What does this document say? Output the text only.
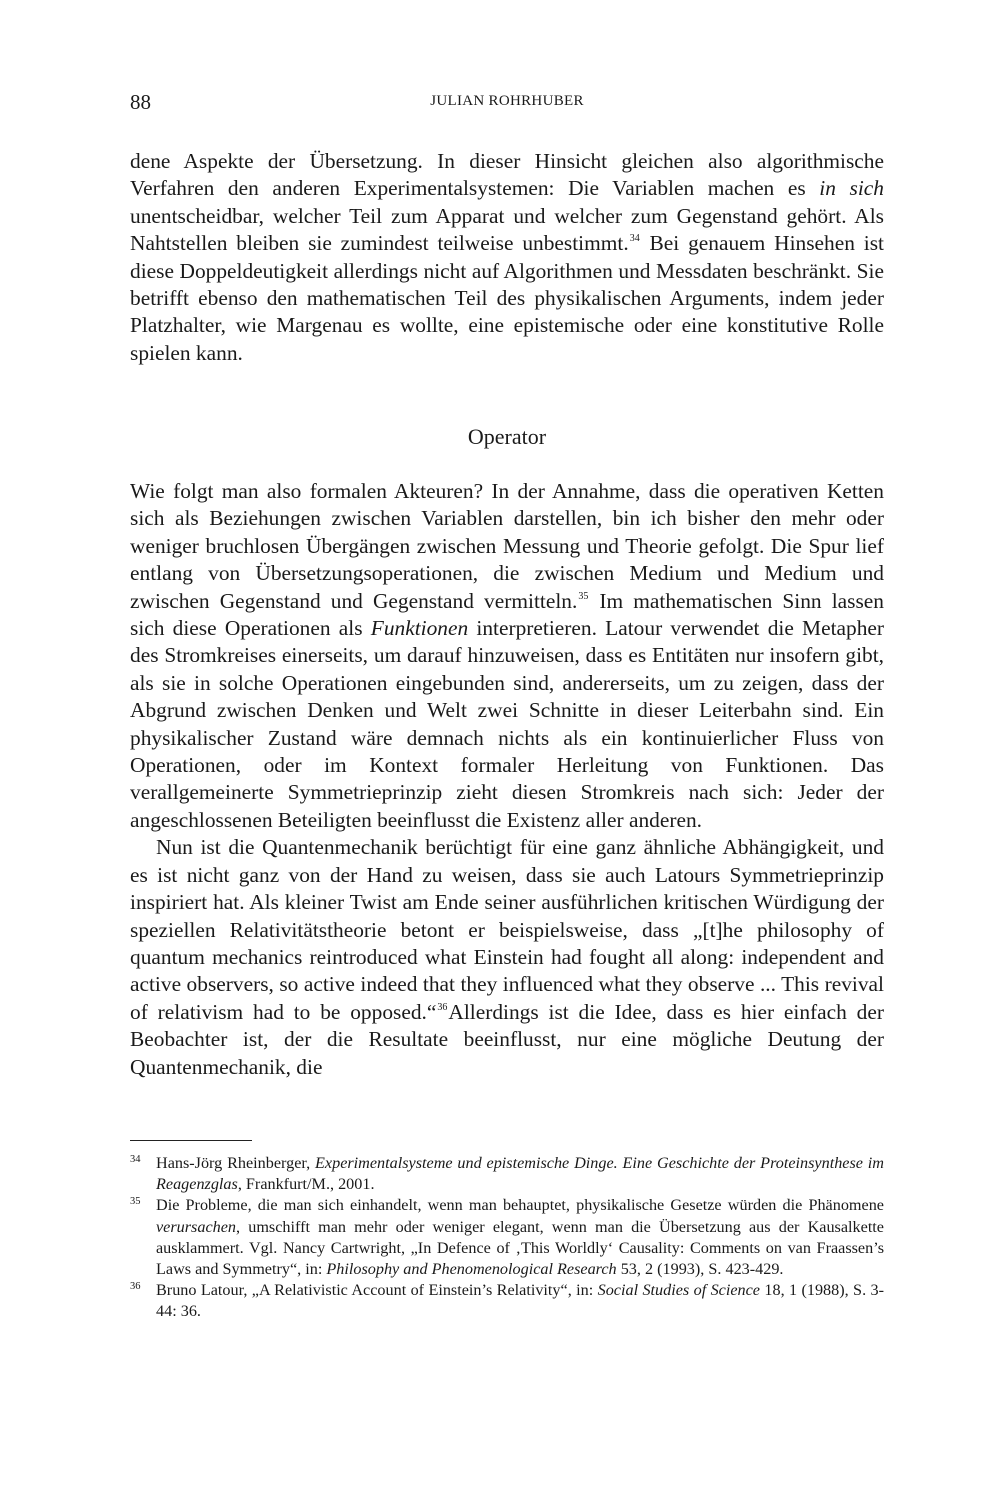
88	JULIAN ROHRHUBER

dene Aspekte der Übersetzung. In dieser Hinsicht gleichen also algorithmische Verfahren den anderen Experimentalsystemen: Die Variablen machen es in sich unentscheidbar, welcher Teil zum Apparat und welcher zum Gegenstand gehört. Als Nahtstellen bleiben sie zumindest teilweise unbestimmt.$^{34}$ Bei genauem Hinsehen ist diese Doppeldeutigkeit allerdings nicht auf Algorithmen und Messdaten beschränkt. Sie betrifft ebenso den mathematischen Teil des physikalischen Arguments, indem jeder Platzhalter, wie Margenau es wollte, eine epistemische oder eine konstitutive Rolle spielen kann.

Operator

Wie folgt man also formalen Akteuren? In der Annahme, dass die operativen Ketten sich als Beziehungen zwischen Variablen darstellen, bin ich bisher den mehr oder weniger bruchlosen Übergängen zwischen Messung und Theorie gefolgt. Die Spur lief entlang von Übersetzungsoperationen, die zwischen Medium und Medium und zwischen Gegenstand und Gegenstand vermitteln.$^{35}$ Im mathematischen Sinn lassen sich diese Operationen als Funktionen interpretieren. Latour verwendet die Metapher des Stromkreises einerseits, um darauf hinzuweisen, dass es Entitäten nur insofern gibt, als sie in solche Operationen eingebunden sind, andererseits, um zu zeigen, dass der Abgrund zwischen Denken und Welt zwei Schnitte in dieser Leiterbahn sind. Ein physikalischer Zustand wäre demnach nichts als ein kontinuierlicher Fluss von Operationen, oder im Kontext formaler Herleitung von Funktionen. Das verallgemeinerte Symmetrieprinzip zieht diesen Stromkreis nach sich: Jeder der angeschlossenen Beteiligten beeinflusst die Existenz aller anderen.

Nun ist die Quantenmechanik berüchtigt für eine ganz ähnliche Abhängigkeit, und es ist nicht ganz von der Hand zu weisen, dass sie auch Latours Symmetrieprinzip inspiriert hat. Als kleiner Twist am Ende seiner ausführlichen kritischen Würdigung der speziellen Relativitätstheorie betont er beispielsweise, dass „[t]he philosophy of quantum mechanics reintroduced what Einstein had fought all along: independent and active observers, so active indeed that they influenced what they observe ... This revival of relativism had to be opposed.“$^{36}$Allerdings ist die Idee, dass es hier einfach der Beobachter ist, der die Resultate beeinflusst, nur eine mögliche Deutung der Quantenmechanik, die

34 Hans-Jörg Rheinberger, Experimentalsysteme und epistemische Dinge. Eine Geschichte der Proteinsynthese im Reagenzglas, Frankfurt/M., 2001.
35 Die Probleme, die man sich einhandelt, wenn man behauptet, physikalische Gesetze würden die Phänomene verursachen, umschifft man mehr oder weniger elegant, wenn man die Übersetzung aus der Kausalkette ausklammert. Vgl. Nancy Cartwright, „In Defence of ‚This Worldly‘ Causality: Comments on van Fraassen’s Laws and Symmetry“, in: Philosophy and Phenomenological Research 53, 2 (1993), S. 423-429.
36 Bruno Latour, „A Relativistic Account of Einstein’s Relativity“, in: Social Studies of Science 18, 1 (1988), S. 3-44: 36.
